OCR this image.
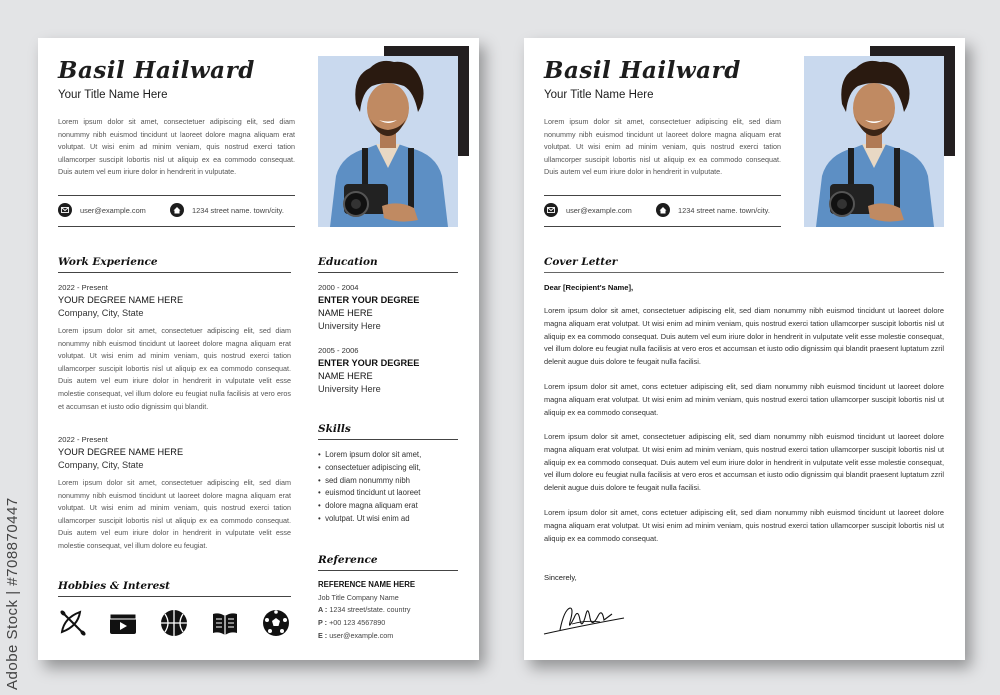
Basil Hailward
Your Title Name Here
Lorem ipsum dolor sit amet, consectetuer adipiscing elit, sed diam nonummy nibh euismod tincidunt ut laoreet dolore magna aliquam erat volutpat. Ut wisi enim ad minim veniam, quis nostrud exerci tation ullamcorper suscipit lobortis nisl ut aliquip ex ea commodo consequat. Duis autem vel eum iriure dolor in hendrerit in vulputate.
user@example.com	1234 street name. town/city.
Work Experience
2022 - Present
YOUR DEGREE NAME HERE
Company, City, State
Lorem ipsum dolor sit amet, consectetuer adipiscing elit, sed diam nonummy nibh euismod tincidunt ut laoreet dolore magna aliquam erat volutpat. Ut wisi enim ad minim veniam, quis nostrud exerci tation ullamcorper suscipit lobortis nisl ut aliquip ex ea commodo consequat. Duis autem vel eum iriure dolor in hendrerit in vulputate velit esse molestie consequat, vel illum dolore eu feugiat nulla facilisis at vero eros et accumsan et iusto odio dignissim qui blandit.
2022 - Present
YOUR DEGREE NAME HERE
Company, City, State
Lorem ipsum dolor sit amet, consectetuer adipiscing elit, sed diam nonummy nibh euismod tincidunt ut laoreet dolore magna aliquam erat volutpat. Ut wisi enim ad minim veniam, quis nostrud exerci tation ullamcorper suscipit lobortis nisl ut aliquip ex ea commodo consequat. Duis autem vel eum iriure dolor in hendrerit in vulputate velit esse molestie consequat, vel illum dolore eu feugiat.
Hobbies & Interest
Education
2000 - 2004
ENTER YOUR DEGREE
NAME HERE
University Here
2005 - 2006
ENTER YOUR DEGREE
NAME HERE
University Here
Skills
•  Lorem ipsum dolor sit amet,
•  consectetuer adipiscing elit,
•  sed diam nonummy nibh
•  euismod tincidunt ut laoreet
•  dolore magna aliquam erat
•  volutpat. Ut wisi enim ad
Reference
REFERENCE NAME HERE
Job Title Company Name
A : 1234 street/state. country
P : +00 123 4567890
E : user@example.com
Basil Hailward
Your Title Name Here
Lorem ipsum dolor sit amet, consectetuer adipiscing elit, sed diam nonummy nibh euismod tincidunt ut laoreet dolore magna aliquam erat volutpat. Ut wisi enim ad minim veniam, quis nostrud exerci tation ullamcorper suscipit lobortis nisl ut aliquip ex ea commodo consequat. Duis autem vel eum iriure dolor in hendrerit in vulputate.
user@example.com	1234 street name. town/city.
Cover Letter
Dear [Recipient's Name],
Lorem ipsum dolor sit amet, consectetuer adipiscing elit, sed diam nonummy nibh euismod tincidunt ut laoreet dolore magna aliquam erat volutpat. Ut wisi enim ad minim veniam, quis nostrud exerci tation ullamcorper suscipit lobortis nisl ut aliquip ex ea commodo consequat. Duis autem vel eum iriure dolor in hendrerit in vulputate velit esse molestie consequat, vel illum dolore eu feugiat nulla facilisis at vero eros et accumsan et iusto odio dignissim qui blandit praesent luptatum zzril delenit augue duis dolore te feugait nulla facilisi.
Lorem ipsum dolor sit amet, cons ectetuer adipiscing elit, sed diam nonummy nibh euismod tincidunt ut laoreet dolore magna aliquam erat volutpat. Ut wisi enim ad minim veniam, quis nostrud exerci tation ullamcorper suscipit lobortis nisl ut aliquip ex ea commodo consequat.
Lorem ipsum dolor sit amet, consectetuer adipiscing elit, sed diam nonummy nibh euismod tincidunt ut laoreet dolore magna aliquam erat volutpat. Ut wisi enim ad minim veniam, quis nostrud exerci tation ullamcorper suscipit lobortis nisl ut aliquip ex ea commodo consequat. Duis autem vel eum iriure dolor in hendrerit in vulputate velit esse molestie consequat, vel illum dolore eu feugiat nulla facilisis at vero eros et accumsan et iusto odio dignissim qui blandit praesent luptatum zzril delenit augue duis dolore te feugait nulla facilisi.
Lorem ipsum dolor sit amet, cons ectetuer adipiscing elit, sed diam nonummy nibh euismod tincidunt ut laoreet dolore magna aliquam erat volutpat. Ut wisi enim ad minim veniam, quis nostrud exerci tation ullamcorper suscipit lobortis nisl ut aliquip ex ea commodo consequat.
Sincerely,
Adobe Stock | #708870447
